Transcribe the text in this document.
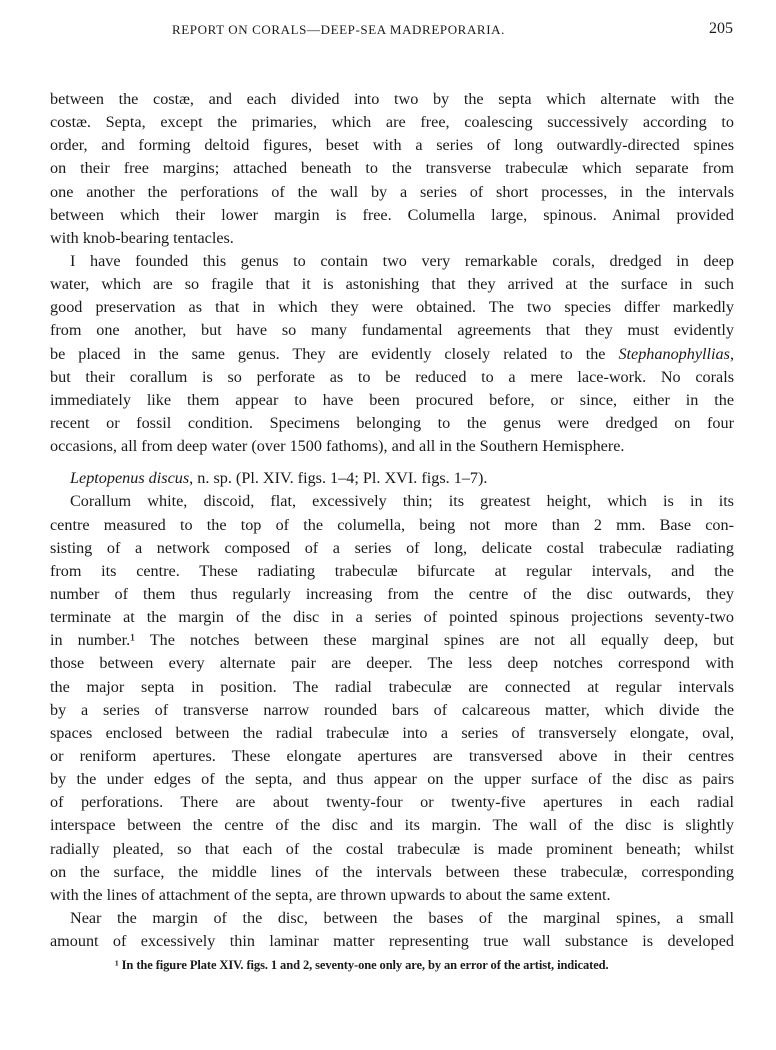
REPORT ON CORALS—DEEP-SEA MADREPORARIA.	205
between the costæ, and each divided into two by the septa which alternate with the
costæ. Septa, except the primaries, which are free, coalescing successively according to
order, and forming deltoid figures, beset with a series of long outwardly-directed spines
on their free margins; attached beneath to the transverse trabeculæ which separate from
one another the perforations of the wall by a series of short processes, in the intervals
between which their lower margin is free. Columella large, spinous. Animal provided
with knob-bearing tentacles.
I have founded this genus to contain two very remarkable corals, dredged in deep
water, which are so fragile that it is astonishing that they arrived at the surface in such
good preservation as that in which they were obtained. The two species differ markedly
from one another, but have so many fundamental agreements that they must evidently
be placed in the same genus. They are evidently closely related to the Stephanophyllias,
but their corallum is so perforate as to be reduced to a mere lace-work. No corals
immediately like them appear to have been procured before, or since, either in the
recent or fossil condition. Specimens belonging to the genus were dredged on four
occasions, all from deep water (over 1500 fathoms), and all in the Southern Hemisphere.
Leptopenus discus, n. sp. (Pl. XIV. figs. 1–4; Pl. XVI. figs. 1–7).
Corallum white, discoid, flat, excessively thin; its greatest height, which is in its
centre measured to the top of the columella, being not more than 2 mm. Base con-
sisting of a network composed of a series of long, delicate costal trabeculæ radiating
from its centre. These radiating trabeculæ bifurcate at regular intervals, and the
number of them thus regularly increasing from the centre of the disc outwards, they
terminate at the margin of the disc in a series of pointed spinous projections seventy-two
in number.¹ The notches between these marginal spines are not all equally deep, but
those between every alternate pair are deeper. The less deep notches correspond with
the major septa in position. The radial trabeculæ are connected at regular intervals
by a series of transverse narrow rounded bars of calcareous matter, which divide the
spaces enclosed between the radial trabeculæ into a series of transversely elongate, oval,
or reniform apertures. These elongate apertures are transversed above in their centres
by the under edges of the septa, and thus appear on the upper surface of the disc as pairs
of perforations. There are about twenty-four or twenty-five apertures in each radial
interspace between the centre of the disc and its margin. The wall of the disc is slightly
radially pleated, so that each of the costal trabeculæ is made prominent beneath; whilst
on the surface, the middle lines of the intervals between these trabeculæ, corresponding
with the lines of attachment of the septa, are thrown upwards to about the same extent.
Near the margin of the disc, between the bases of the marginal spines, a small
amount of excessively thin laminar matter representing true wall substance is developed
¹ In the figure Plate XIV. figs. 1 and 2, seventy-one only are, by an error of the artist, indicated.
